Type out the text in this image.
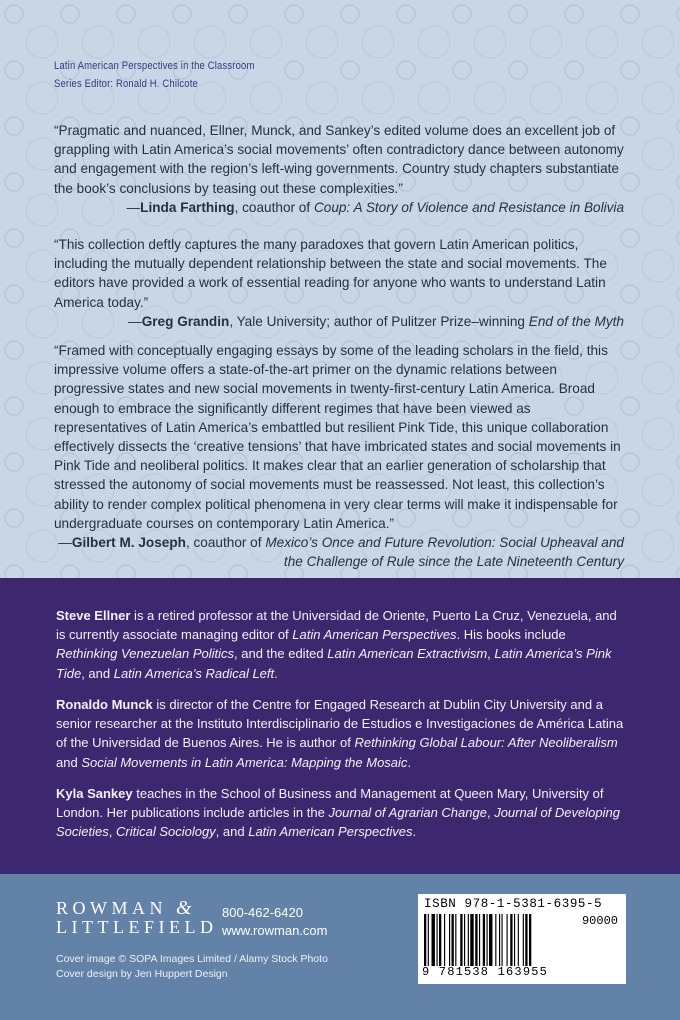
Latin American Perspectives in the Classroom
Series Editor: Ronald H. Chilcote

“Pragmatic and nuanced, Ellner, Munck, and Sankey’s edited volume does an excellent job of grappling with Latin America’s social movements’ often contradictory dance between autonomy and engagement with the region’s left-wing governments. Country study chapters substantiate the book’s conclusions by teasing out these complexities.”

—Linda Farthing, coauthor of Coup: A Story of Violence and Resistance in Bolivia

“This collection deftly captures the many paradoxes that govern Latin American politics, including the mutually dependent relationship between the state and social movements. The editors have provided a work of essential reading for anyone who wants to understand Latin America today.”

—Greg Grandin, Yale University; author of Pulitzer Prize–winning End of the Myth

“Framed with conceptually engaging essays by some of the leading scholars in the field, this impressive volume offers a state-of-the-art primer on the dynamic relations between progressive states and new social movements in twenty-first-century Latin America. Broad enough to embrace the significantly different regimes that have been viewed as representatives of Latin America’s embattled but resilient Pink Tide, this unique collaboration effectively dissects the ‘creative tensions’ that have imbricated states and social movements in Pink Tide and neoliberal politics. It makes clear that an earlier generation of scholarship that stressed the autonomy of social movements must be reassessed. Not least, this collection’s ability to render complex political phenomena in very clear terms will make it indispensable for undergraduate courses on contemporary Latin America.”

—Gilbert M. Joseph, coauthor of Mexico’s Once and Future Revolution: Social Upheaval and the Challenge of Rule since the Late Nineteenth Century

Steve Ellner is a retired professor at the Universidad de Oriente, Puerto La Cruz, Venezuela, and is currently associate managing editor of Latin American Perspectives. His books include Rethinking Venezuelan Politics, and the edited Latin American Extractivism, Latin America’s Pink Tide, and Latin America’s Radical Left.

Ronaldo Munck is director of the Centre for Engaged Research at Dublin City University and a senior researcher at the Instituto Interdisciplinario de Estudios e Investigaciones de América Latina of the Universidad de Buenos Aires. He is author of Rethinking Global Labour: After Neoliberalism and Social Movements in Latin America: Mapping the Mosaic.

Kyla Sankey teaches in the School of Business and Management at Queen Mary, University of London. Her publications include articles in the Journal of Agrarian Change, Journal of Developing Societies, Critical Sociology, and Latin American Perspectives.

ROWMAN &
LITTLEFIELD
800-462-6420
www.rowman.com
Cover image © SOPA Images Limited / Alamy Stock Photo
Cover design by Jen Huppert Design
ISBN 978-1-5381-6395-5
90000
9 781538 163955
